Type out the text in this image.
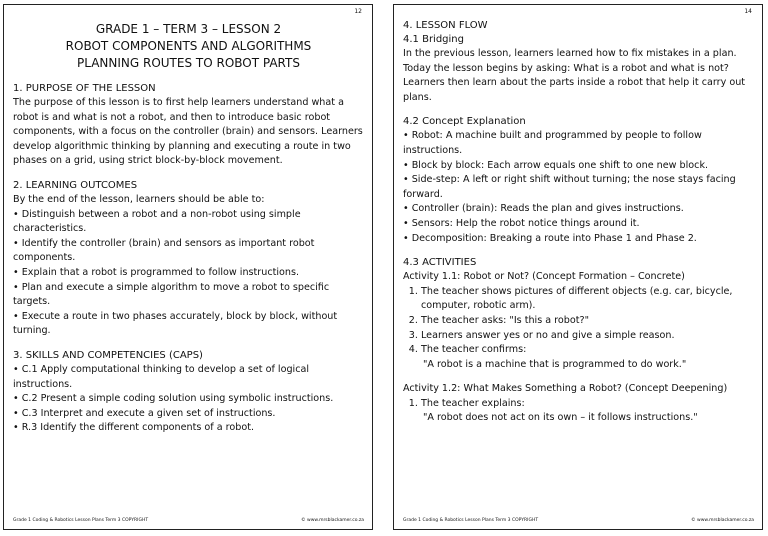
12
GRADE 1 – TERM 3 – LESSON 2
ROBOT COMPONENTS AND ALGORITHMS
PLANNING ROUTES TO ROBOT PARTS

1. PURPOSE OF THE LESSON

The purpose of this lesson is to first help learners understand what a robot is and what is not a robot, and then to introduce basic robot components, with a focus on the controller (brain) and sensors. Learners develop algorithmic thinking by planning and executing a route in two phases on a grid, using strict block-by-block movement.

2. LEARNING OUTCOMES

By the end of the lesson, learners should be able to:

• Distinguish between a robot and a non-robot using simple characteristics.

• Identify the controller (brain) and sensors as important robot components.

• Explain that a robot is programmed to follow instructions.

• Plan and execute a simple algorithm to move a robot to specific targets.

• Execute a route in two phases accurately, block by block, without turning.

3. SKILLS AND COMPETENCIES (CAPS)

• C.1 Apply computational thinking to develop a set of logical instructions.

• C.2 Present a simple coding solution using symbolic instructions.

• C.3 Interpret and execute a given set of instructions.

• R.3 Identify the different components of a robot.

Grade 1 Coding & Robotics Lesson Plans Term 3 COPYRIGHT	© www.mrsblackamer.co.za
14

4. LESSON FLOW

4.1 Bridging

In the previous lesson, learners learned how to fix mistakes in a plan. Today the lesson begins by asking: What is a robot and what is not? Learners then learn about the parts inside a robot that help it carry out plans.

4.2 Concept Explanation

• Robot: A machine built and programmed by people to follow instructions.

• Block by block: Each arrow equals one shift to one new block.

• Side-step: A left or right shift without turning; the nose stays facing forward.

• Controller (brain): Reads the plan and gives instructions.

• Sensors: Help the robot notice things around it.

• Decomposition: Breaking a route into Phase 1 and Phase 2.

4.3 ACTIVITIES

Activity 1.1: Robot or Not? (Concept Formation – Concrete)

1. The teacher shows pictures of different objects (e.g. car, bicycle, computer, robotic arm).
2. The teacher asks: "Is this a robot?"
3. Learners answer yes or no and give a simple reason.
4. The teacher confirms:

"A robot is a machine that is programmed to do work."

Activity 1.2: What Makes Something a Robot? (Concept Deepening)

1. The teacher explains:

"A robot does not act on its own – it follows instructions."

Grade 1 Coding & Robotics Lesson Plans Term 3 COPYRIGHT	© www.mrsblackamer.co.za
